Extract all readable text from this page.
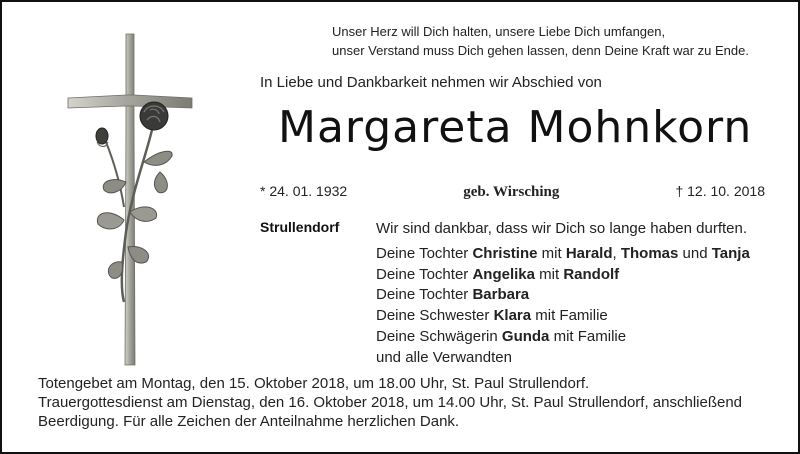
Unser Herz will Dich halten, unsere Liebe Dich umfangen,
unser Verstand muss Dich gehen lassen, denn Deine Kraft war zu Ende.
In Liebe und Dankbarkeit nehmen wir Abschied von
Margareta Mohnkorn
* 24. 01. 1932	geb. Wirsching	† 12. 10. 2018
Strullendorf Wir sind dankbar, dass wir Dich so lange haben durften.
Deine Tochter Christine mit Harald, Thomas und Tanja
Deine Tochter Angelika mit Randolf
Deine Tochter Barbara
Deine Schwester Klara mit Familie
Deine Schwägerin Gunda mit Familie
und alle Verwandten
Totengebet am Montag, den 15. Oktober 2018, um 18.00 Uhr, St. Paul Strullendorf.
Trauergottesdienst am Dienstag, den 16. Oktober 2018, um 14.00 Uhr, St. Paul Strullendorf, anschließend
Beerdigung. Für alle Zeichen der Anteilnahme herzlichen Dank.
